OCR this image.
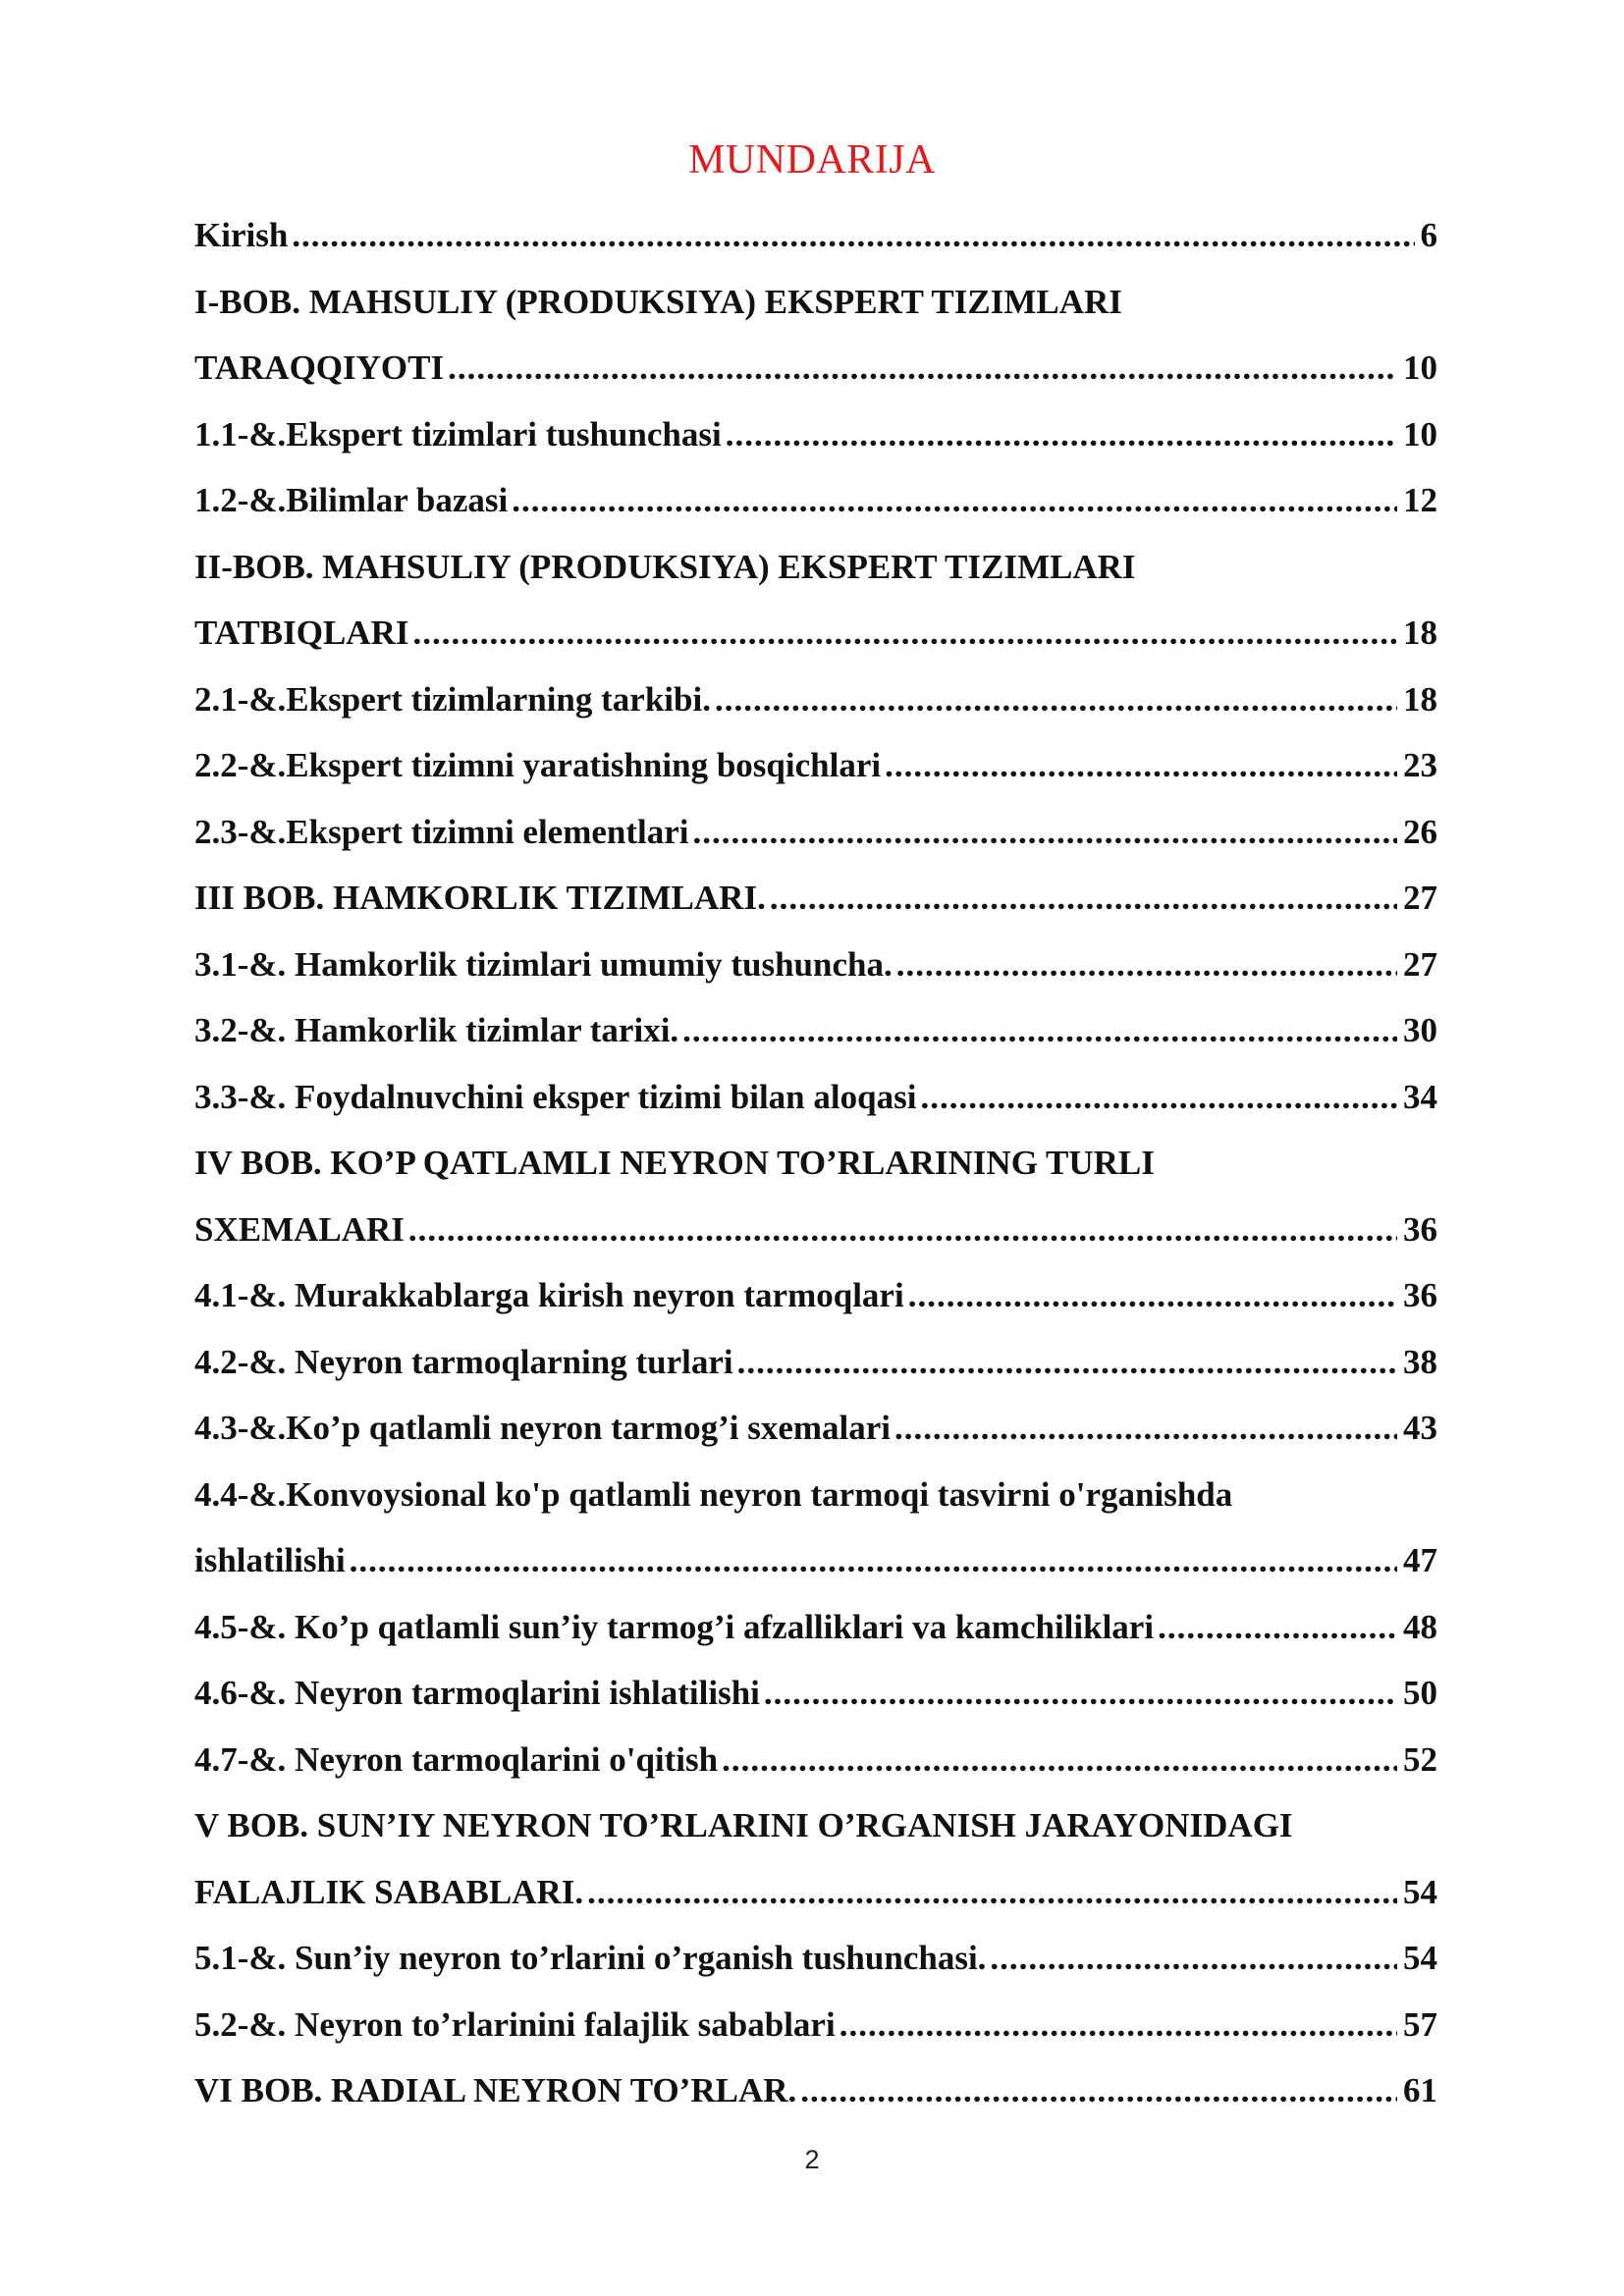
MUNDARIJA
Kirish .....	6
I-BOB. MAHSULIY (PRODUKSIYA) EKSPERT TIZIMLARI
TARAQQIYOTI .....	10
1.1-&.Ekspert tizimlari tushunchasi .....	10
1.2-&.Bilimlar bazasi .....	12
II-BOB. MAHSULIY (PRODUKSIYA) EKSPERT TIZIMLARI
TATBIQLARI .....	18
2.1-&.Ekspert tizimlarning tarkibi. .....	18
2.2-&.Ekspert tizimni yaratishning bosqichlari .....	23
2.3-&.Ekspert tizimni elementlari .....	26
III BOB. HAMKORLIK TIZIMLARI. .....	27
3.1-&. Hamkorlik tizimlari umumiy tushuncha. .....	27
3.2-&. Hamkorlik tizimlar tarixi. .....	30
3.3-&. Foydalnuvchini eksper tizimi bilan aloqasi .....	34
IV BOB. KO’P QATLAMLI NEYRON TO’RLARINING TURLI
SXEMALARI .....	36
4.1-&. Murakkablarga kirish neyron tarmoqlari .....	36
4.2-&. Neyron tarmoqlarning turlari .....	38
4.3-&.Ko’p qatlamli neyron tarmog’i sxemalari .....	43
4.4-&.Konvoysional ko'p qatlamli neyron tarmoqi tasvirni o'rganishda
ishlatilishi .....	47
4.5-&. Ko’p qatlamli sun’iy tarmog’i afzalliklari va kamchiliklari .....	48
4.6-&. Neyron tarmoqlarini ishlatilishi .....	50
4.7-&. Neyron tarmoqlarini o'qitish .....	52
V BOB. SUN’IY NEYRON TO’RLARINI O’RGANISH JARAYONIDAGI
FALAJLIK SABABLARI. .....	54
5.1-&. Sun’iy neyron to’rlarini o’rganish tushunchasi. .....	54
5.2-&. Neyron to’rlarinini falajlik sabablari .....	57
VI BOB. RADIAL NEYRON TO’RLAR. .....	61
2
